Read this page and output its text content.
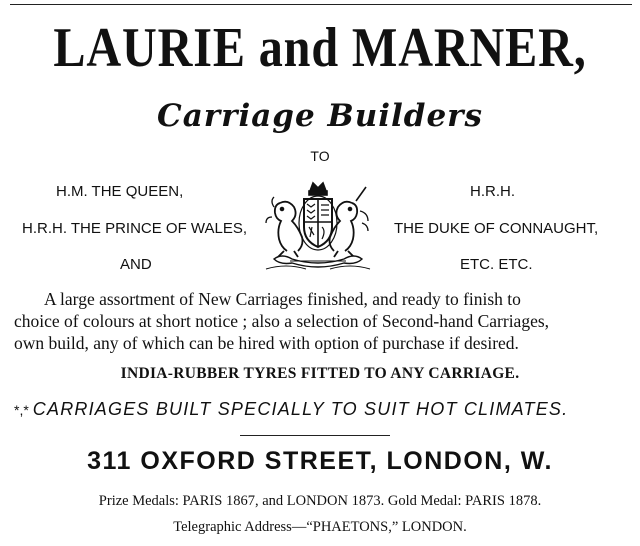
LAURIE and MARNER,
Carriage Builders
TO
H.M. THE QUEEN,
H.R.H. THE PRINCE OF WALES,
AND
H.R.H.
THE DUKE OF CONNAUGHT,
ETC. ETC.
A large assortment of New Carriages finished, and ready to finish to
choice of colours at short notice ; also a selection of Second-hand Carriages,
own build, any of which can be hired with option of purchase if desired.
INDIA-RUBBER TYRES FITTED TO ANY CARRIAGE.
*,* CARRIAGES BUILT SPECIALLY TO SUIT HOT CLIMATES.
311 OXFORD STREET, LONDON, W.
Prize Medals: PARIS 1867, and LONDON 1873. Gold Medal: PARIS 1878.
Telegraphic Address—“PHAETONS,” LONDON.
